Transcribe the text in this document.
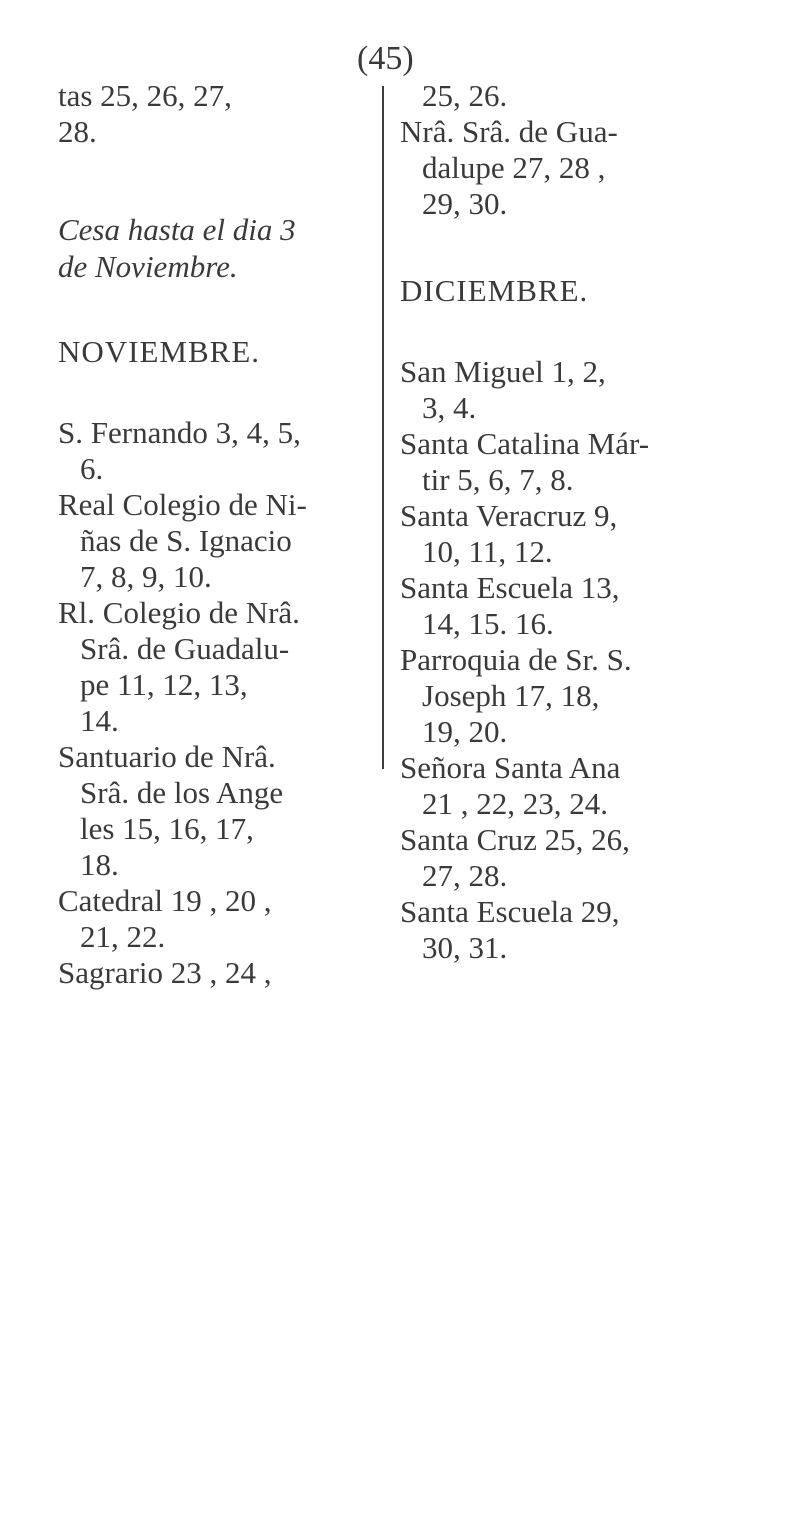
(45)
tas 25, 26, 27,
28.
Cesa hasta el dia 3
de Noviembre.
NOVIEMBRE.
S. Fernando 3, 4, 5,
6.
Real Colegio de Ni-
ñas de S. Ignacio
7, 8, 9, 10.
Rl. Colegio de Nrâ.
Srâ. de Guadalu-
pe 11, 12, 13,
14.
Santuario de Nrâ.
Srâ. de los Ange
les 15, 16, 17,
18.
Catedral 19 , 20 ,
21, 22.
Sagrario 23 , 24 ,
25, 26.
Nrâ. Srâ. de Gua-
dalupe 27, 28 ,
29, 30.
DICIEMBRE.
San Miguel 1, 2,
3, 4.
Santa Catalina Már-
tir 5, 6, 7, 8.
Santa Veracruz 9,
10, 11, 12.
Santa Escuela 13,
14, 15. 16.
Parroquia de Sr. S.
Joseph 17, 18,
19, 20.
Señora Santa Ana
21 , 22, 23, 24.
Santa Cruz 25, 26,
27, 28.
Santa Escuela 29,
30, 31.
